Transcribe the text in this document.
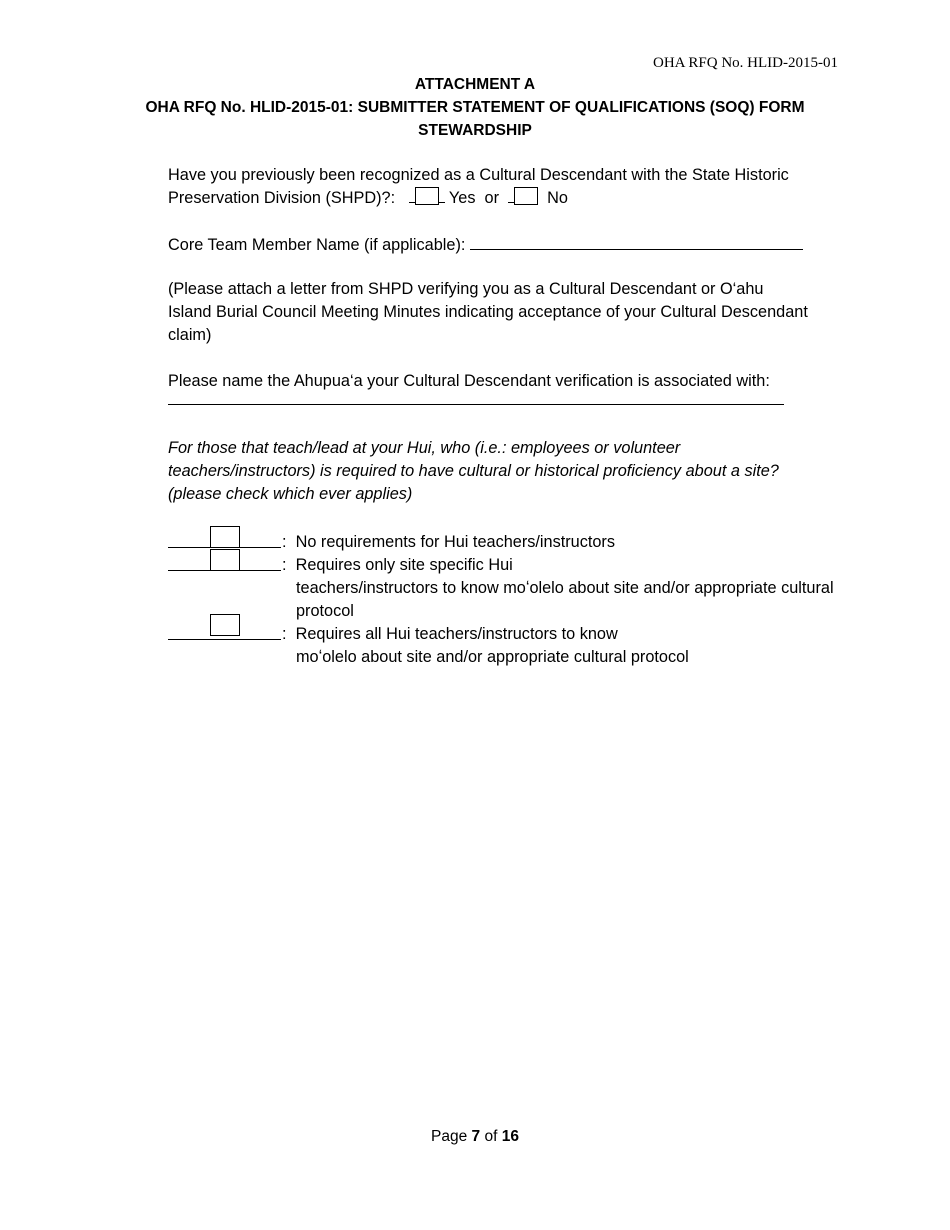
OHA RFQ No. HLID-2015-01
ATTACHMENT A
OHA RFQ No. HLID-2015-01: SUBMITTER STATEMENT OF QUALIFICATIONS (SOQ) FORM
STEWARDSHIP

Have you previously been recognized as a Cultural Descendant with the State Historic

Preservation Division (SHPD)?:	Yes or	No

Core Team Member Name (if applicable):
(Please attach a letter from SHPD verifying you as a Cultural Descendant or O‘ahu Island Burial Council Meeting Minutes indicating acceptance of your Cultural Descendant claim)
Please name the Ahupua‘a your Cultural Descendant verification is associated with:
For those that teach/lead at your Hui, who (i.e.: employees or volunteer teachers/instructors) is required to have cultural or historical proficiency about a site? (please check which ever applies)
:  No requirements for Hui teachers/instructors
:  Requires only site specific Hui
teachers/instructors to know moʻolelo about site and/or appropriate cultural protocol
:  Requires all Hui teachers/instructors to know
moʻolelo about site and/or appropriate cultural protocol
Page 7 of 16
